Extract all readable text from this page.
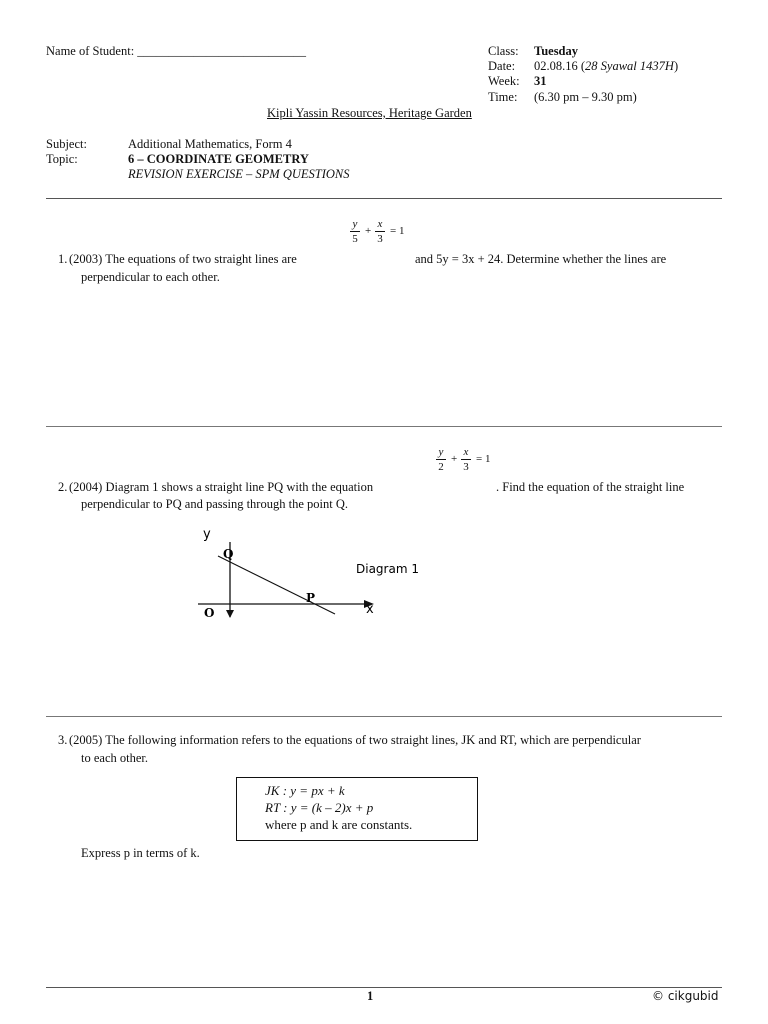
Name of Student: ___________________________	Class: Tuesday
Date: 02.08.16 (28 Syawal 1437H)
Week: 31
Time: (6.30 pm – 9.30 pm)
Kipli Yassin Resources, Heritage Garden
Subject:	Additional Mathematics, Form 4
Topic:	6 – COORDINATE GEOMETRY
REVISION EXERCISE – SPM QUESTIONS
y
5
+
x
3
= 1
1. (2003) The equations of two straight lines are	and 5y = 3x + 24. Determine whether the lines are
perpendicular to each other.
y
2
+
x
3
= 1
2. (2004) Diagram 1 shows a straight line PQ with the equation	. Find the equation of the straight line
perpendicular to PQ and passing through the point Q.
y
Q
P
O	x
Diagram 1
3. (2005) The following information refers to the equations of two straight lines, JK and RT, which are perpendicular
to each other.
JK : y = px + k
RT : y = (k – 2)x + p
where p and k are constants.
Express p in terms of k.
1	© cikgubid
